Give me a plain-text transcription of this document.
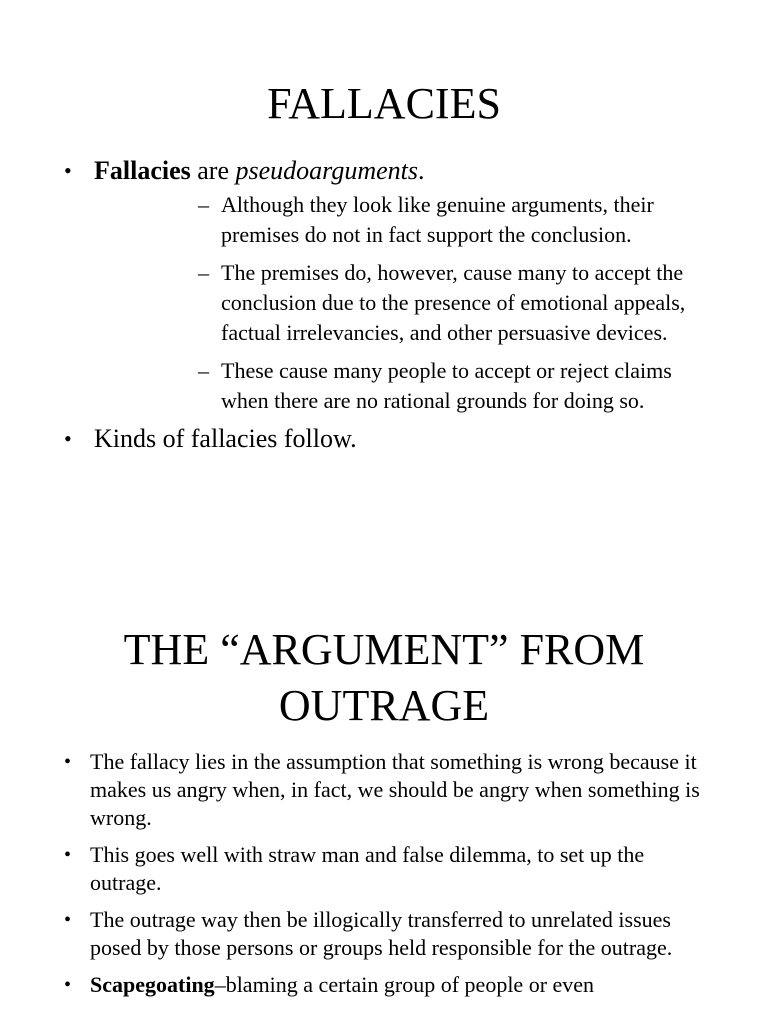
FALLACIES
• Fallacies are pseudoarguments.
– Although they look like genuine arguments, their premises do not in fact support the conclusion.
– The premises do, however, cause many to accept the conclusion due to the presence of emotional appeals, factual irrelevancies, and other persuasive devices.
– These cause many people to accept or reject claims when there are no rational grounds for doing so.
• Kinds of fallacies follow.
THE “ARGUMENT” FROM
OUTRAGE
• The fallacy lies in the assumption that something is wrong because it makes us angry when, in fact, we should be angry when something is wrong.
• This goes well with straw man and false dilemma, to set up the outrage.
• The outrage way then be illogically transferred to unrelated issues posed by those persons or groups held responsible for the outrage.
• Scapegoating–blaming a certain group of people or even
